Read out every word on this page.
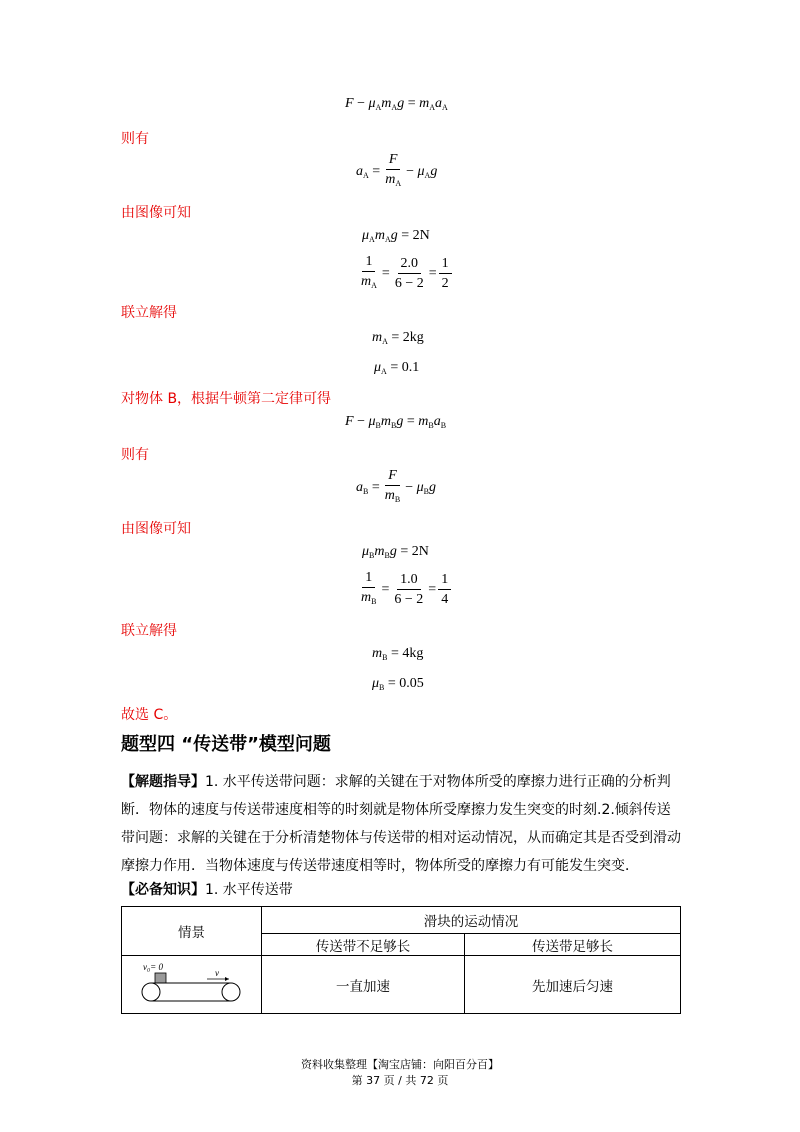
$F - \mu_Am_Ag = m_Aa_A$
则有
$a_A = \frac{F}{m_A} - \mu_Ag$
由图像可知
$\mu_Am_Ag = 2N$
$\frac{1}{m_A} = \frac{2.0}{6 - 2} = \frac{1}{2}$
联立解得
$m_A = 2kg$
$\mu_A = 0.1$
对物体 B，根据牛顿第二定律可得
$F - \mu_Bm_Bg = m_Ba_B$
则有
$a_B = \frac{F}{m_B} - \mu_Bg$
由图像可知
$\mu_Bm_Bg = 2N$
$\frac{1}{m_B} = \frac{1.0}{6 - 2} = \frac{1}{4}$
联立解得
$m_B = 4kg$
$\mu_B = 0.05$
故选 C。
题型四 “传送带”模型问题
【解题指导】1. 水平传送带问题：求解的关键在于对物体所受的摩擦力进行正确的分析判断．物体的速度与传送带速度相等的时刻就是物体所受摩擦力发生突变的时刻.2.倾斜传送带问题：求解的关键在于分析清楚物体与传送带的相对运动情况，从而确定其是否受到滑动摩擦力作用．当物体速度与传送带速度相等时，物体所受的摩擦力有可能发生突变．
【必备知识】1. 水平传送带
情景	滑块的运动情况	
	传送带不足够长	传送带足够长

v₀= 0
v	一直加速	先加速后匀速
资料收集整理【淘宝店铺：向阳百分百】
第 37 页 / 共 72 页
